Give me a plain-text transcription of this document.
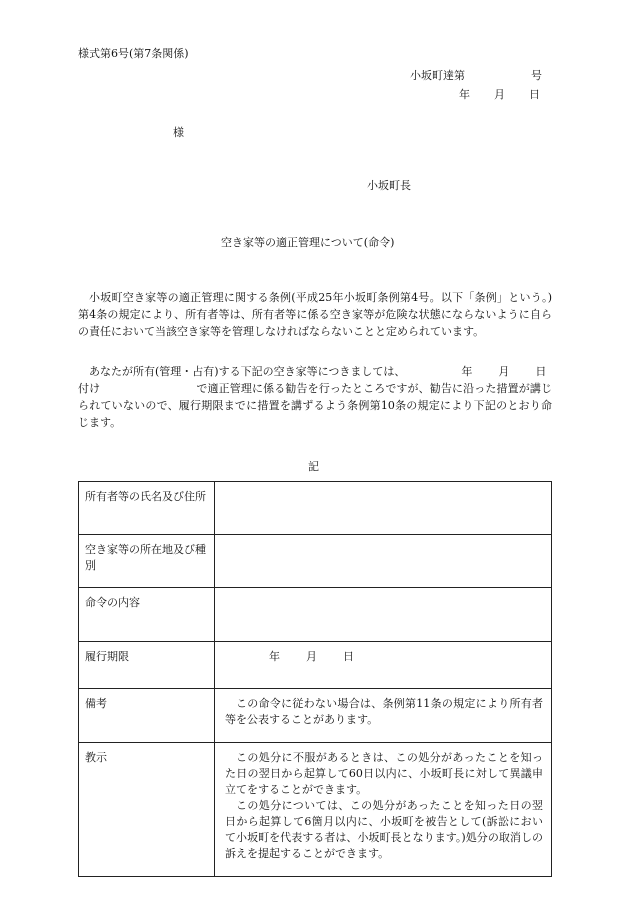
様式第6号(第7条関係)
小坂町達第	号
年 月 日
様
小坂町長
空き家等の適正管理について(命令)

小坂町空き家等の適正管理に関する条例(平成25年小坂町条例第4号。以下「条例」という。)第4条の規定により、所有者等は、所有者等に係る空き家等が危険な状態にならないように自らの責任において当該空き家等を管理しなければならないことと定められています。

あなたが所有(管理・占有)する下記の空き家等につきましては、	年 月 日
付け	で適正管理に係る勧告を行ったところですが、勧告に沿った措置が講じられていないので、履行期限までに措置を講ずるよう条例第10条の規定により下記のとおり命じます。

記
所有者等の氏名及び住所	
空き家等の所在地及び種別	
命令の内容	
履行期限	年 月 日
備考	この命令に従わない場合は、条例第11条の規定により所有者等を公表することがあります。
教示	この処分に不服があるときは、この処分があったことを知った日の翌日から起算して60日以内に、小坂町長に対して異議申立てをすることができます。
この処分については、この処分があったことを知った日の翌日から起算して6箇月以内に、小坂町を被告として(訴訟において小坂町を代表する者は、小坂町長となります。)処分の取消しの訴えを提起することができます。
